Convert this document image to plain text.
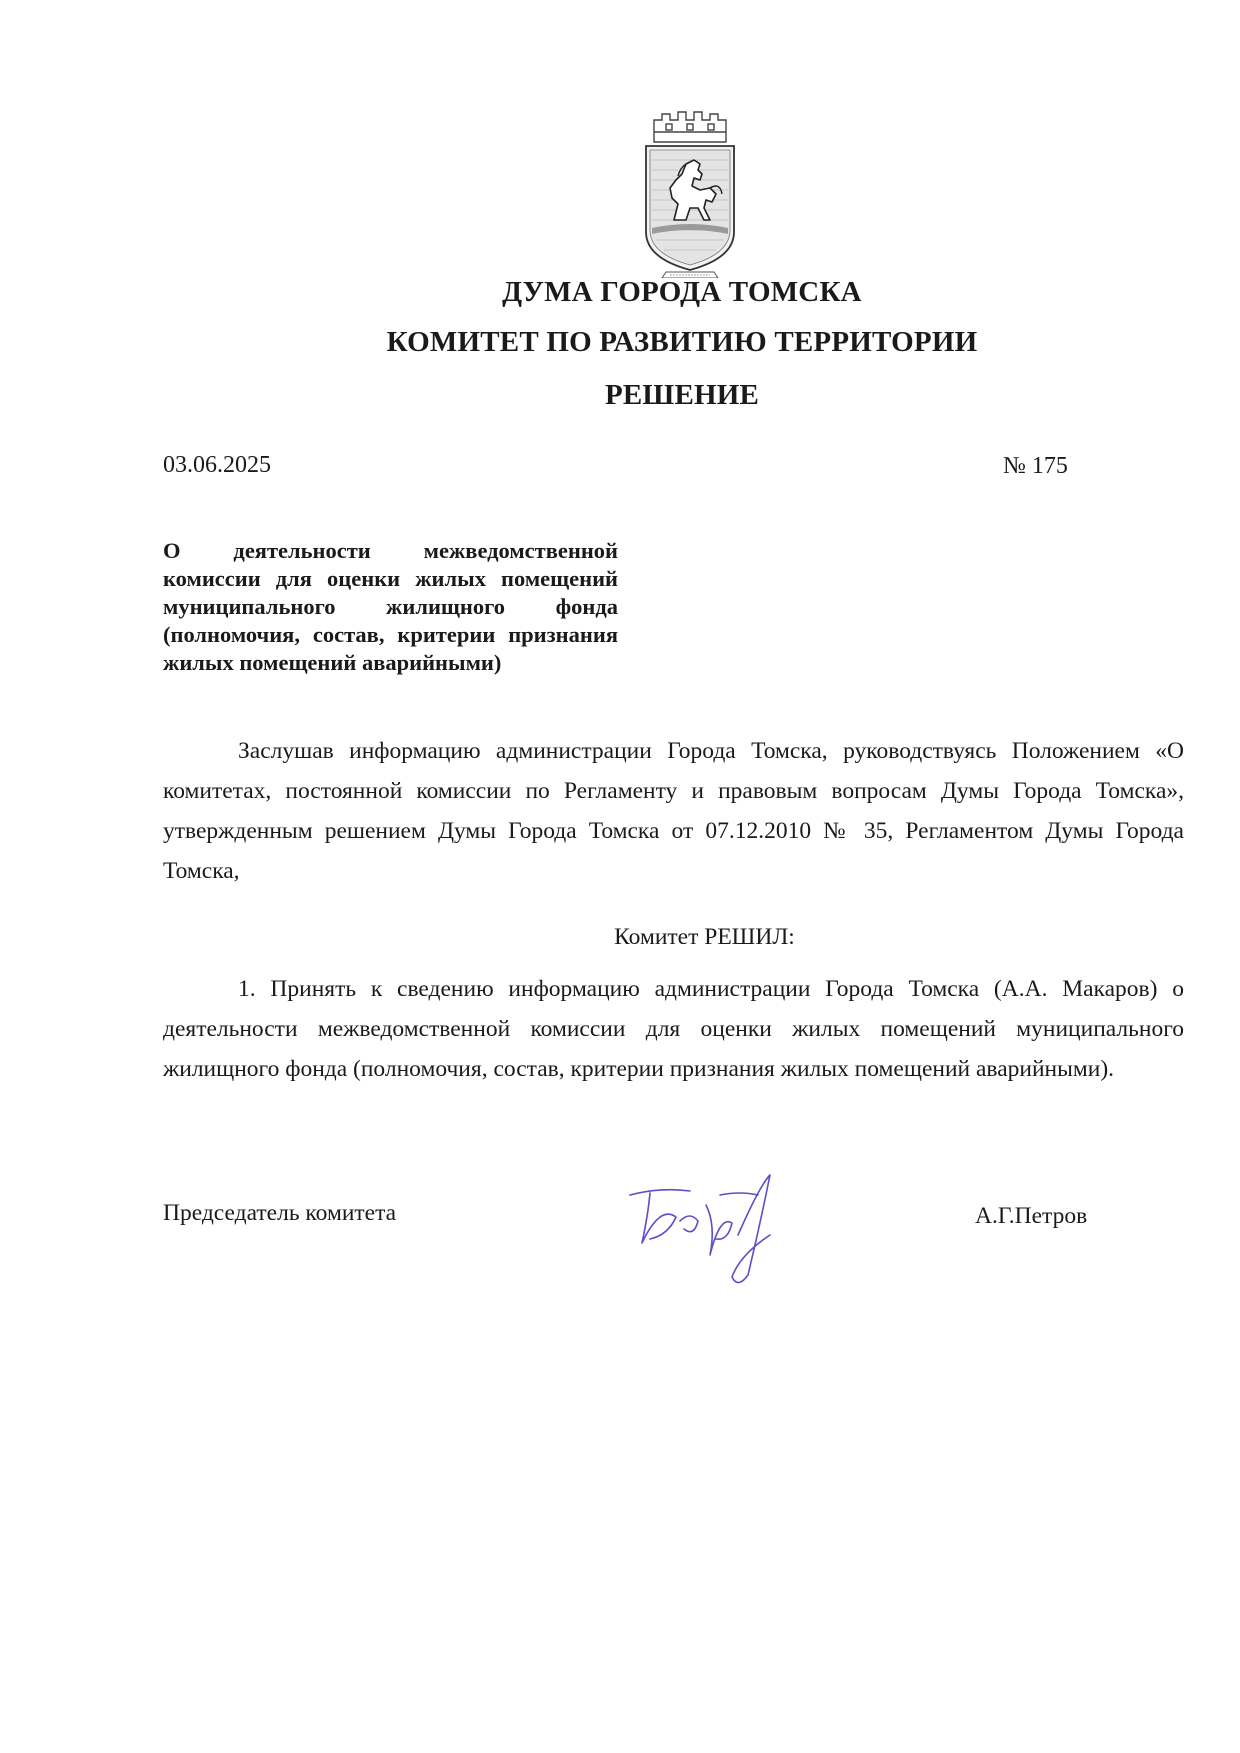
ДУМА ГОРОДА ТОМСКА
КОМИТЕТ ПО РАЗВИТИЮ ТЕРРИТОРИИ
РЕШЕНИЕ
03.06.2025	№ 175
О деятельности межведомственной комиссии для оценки жилых помещений муниципального жилищного фонда (полномочия, состав, критерии признания жилых помещений аварийными)
Заслушав информацию администрации Города Томска, руководствуясь Положением «О комитетах, постоянной комиссии по Регламенту и правовым вопросам Думы Города Томска», утвержденным решением Думы Города Томска от 07.12.2010 № 35, Регламентом Думы Города Томска,
Комитет РЕШИЛ:
1. Принять к сведению информацию администрации Города Томска (А.А. Макаров) о деятельности межведомственной комиссии для оценки жилых помещений муниципального жилищного фонда (полномочия, состав, критерии признания жилых помещений аварийными).
Председатель комитета	А.Г.Петров
